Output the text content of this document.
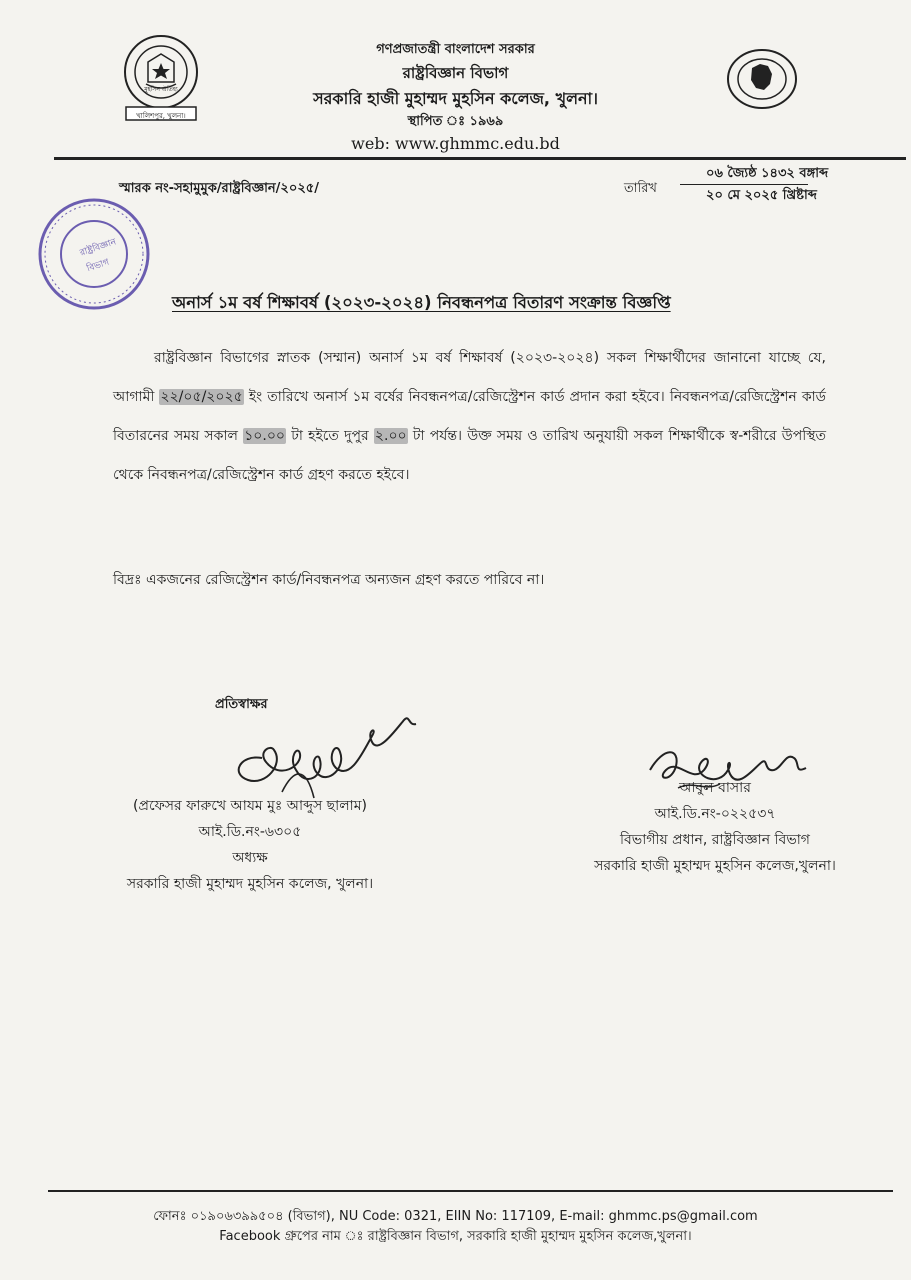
খালিশপুর, খুলনা।
মুহসিন ঐতিহ্য
গণপ্রজাতন্ত্রী বাংলাদেশ সরকার
রাষ্ট্রবিজ্ঞান বিভাগ
সরকারি হাজী মুহাম্মদ মুহসিন কলেজ, খুলনা।
স্থাপিত ঃ ১৯৬৯
web: www.ghmmc.edu.bd
স্মারক নং-সহামুমুক/রাষ্ট্রবিজ্ঞান/২০২৫/	তারিখ
০৬ জ্যৈষ্ঠ ১৪৩২ বঙ্গাব্দ
২০ মে ২০২৫ খ্রিষ্টাব্দ
রাষ্ট্রবিজ্ঞান
বিভাগ
অনার্স ১ম বর্ষ শিক্ষাবর্ষ (২০২৩-২০২৪) নিবন্ধনপত্র বিতারণ সংক্রান্ত বিজ্ঞপ্তি
রাষ্ট্রবিজ্ঞান বিভাগের স্নাতক (সম্মান) অনার্স ১ম বর্ষ শিক্ষাবর্ষ (২০২৩-২০২৪) সকল শিক্ষার্থীদের জানানো যাচ্ছে যে, আগামী ২২/০৫/২০২৫ ইং তারিখে অনার্স ১ম বর্ষের নিবন্ধনপত্র/রেজিস্ট্রেশন কার্ড প্রদান করা হইবে। নিবন্ধনপত্র/রেজিস্ট্রেশন কার্ড বিতারনের সময় সকাল ১০.০০ টা হইতে দুপুর ২.০০ টা পর্যন্ত। উক্ত সময় ও তারিখ অনুযায়ী সকল শিক্ষার্থীকে স্ব-শরীরে উপস্থিত থেকে নিবন্ধনপত্র/রেজিস্ট্রেশন কার্ড গ্রহণ করতে হইবে।
বিদ্রঃ একজনের রেজিস্ট্রেশন কার্ড/নিবন্ধনপত্র অন্যজন গ্রহণ করতে পারিবে না।
প্রতিস্বাক্ষর
(প্রফেসর ফারুখে আযম মুঃ আব্দুস ছালাম)
আই.ডি.নং-৬৩০৫
অধ্যক্ষ
সরকারি হাজী মুহাম্মদ মুহসিন কলেজ, খুলনা।
আবুল বাসার
আই.ডি.নং-০২২৫৩৭
বিভাগীয় প্রধান, রাষ্ট্রবিজ্ঞান বিভাগ
সরকারি হাজী মুহাম্মদ মুহসিন কলেজ,খুলনা।
ফোনঃ ০১৯০৬৩৯৯৫০৪ (বিভাগ), NU Code: 0321, EIIN No: 117109, E-mail: ghmmc.ps@gmail.com
Facebook গ্রুপের নাম ঃ রাষ্ট্রবিজ্ঞান বিভাগ, সরকারি হাজী মুহাম্মদ মুহসিন কলেজ,খুলনা।
